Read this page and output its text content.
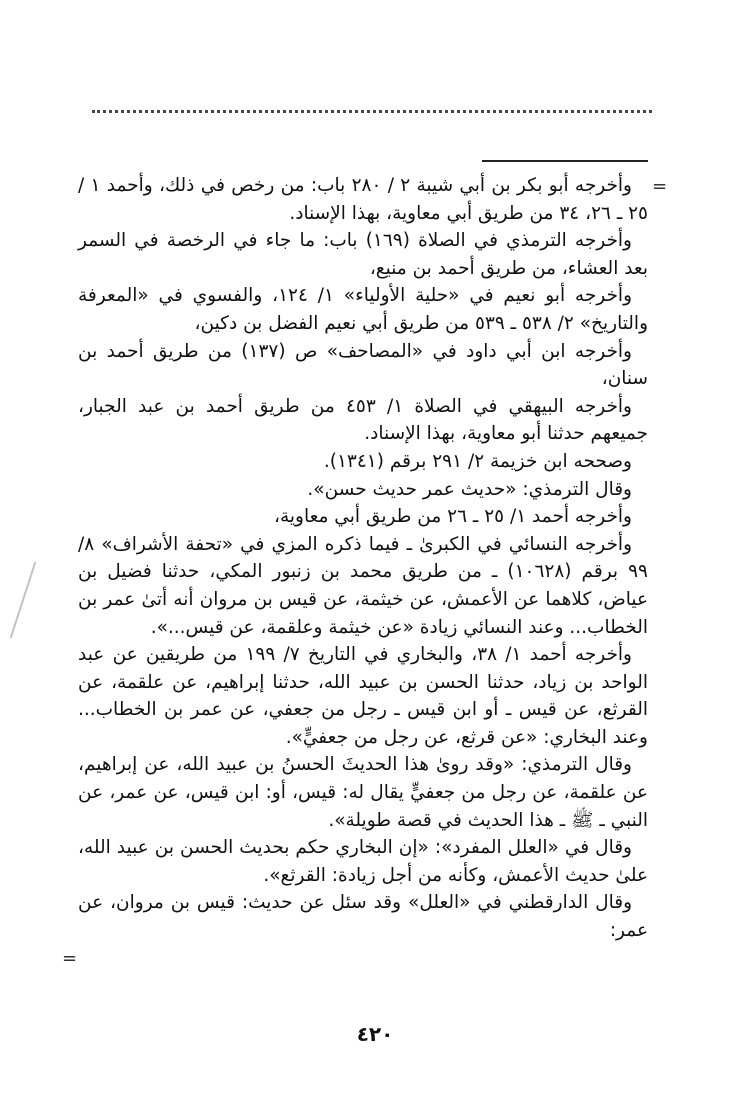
=
=

وأخرجه أبو بكر بن أبي شيبة ٢ / ٢٨٠ باب: من رخص في ذلك، وأحمد ١ / ٢٥ ـ ٢٦، ٣٤ من طريق أبي معاوية، بهذا الإسناد.

وأخرجه الترمذي في الصلاة (١٦٩) باب: ما جاء في الرخصة في السمر بعد العشاء، من طريق أحمد بن منيع،

وأخرجه أبو نعيم في «حلية الأولياء» ١/ ١٢٤، والفسوي في «المعرفة والتاريخ» ٢/ ٥٣٨ ـ ٥٣٩ من طريق أبي نعيم الفضل بن دكين،

وأخرجه ابن أبي داود في «المصاحف» ص (١٣٧) من طريق أحمد بن سنان،

وأخرجه البيهقي في الصلاة ١/ ٤٥٣ من طريق أحمد بن عبد الجبار، جميعهم حدثنا أبو معاوية، بهذا الإسناد.

وصححه ابن خزيمة ٢/ ٢٩١ برقم (١٣٤١).

وقال الترمذي: «حديث عمر حديث حسن».

وأخرجه أحمد ١/ ٢٥ ـ ٢٦ من طريق أبي معاوية،

وأخرجه النسائي في الكبرىٰ ـ فيما ذكره المزي في «تحفة الأشراف» ٨/ ٩٩ برقم (١٠٦٢٨) ـ من طريق محمد بن زنبور المكي، حدثنا فضيل بن عياض، كلاهما عن الأعمش، عن خيثمة، عن قيس بن مروان أنه أتىٰ عمر بن الخطاب... وعند النسائي زيادة «عن خيثمة وعلقمة، عن قيس...».

وأخرجه أحمد ١/ ٣٨، والبخاري في التاريخ ٧/ ١٩٩ من طريقين عن عبد الواحد بن زياد، حدثنا الحسن بن عبيد الله، حدثنا إبراهيم، عن علقمة، عن القرثع، عن قيس ـ أو ابن قيس ـ رجل من جعفي، عن عمر بن الخطاب... وعند البخاري: «عن قرثع، عن رجل من جعفيٍّ».

وقال الترمذي: «وقد روىٰ هذا الحديثَ الحسنُ بن عبيد الله، عن إبراهيم، عن علقمة، عن رجل من جعفيٍّ يقال له: قيس، أو: ابن قيس، عن عمر، عن النبي ـ ﷺ ـ هذا الحديث في قصة طويلة».

وقال في «العلل المفرد»: «إن البخاري حكم بحديث الحسن بن عبيد الله، علىٰ حديث الأعمش، وكأنه من أجل زيادة: القرثع».

وقال الدارقطني في «العلل» وقد سئل عن حديث: قيس بن مروان، عن عمر:

٤٢٠
